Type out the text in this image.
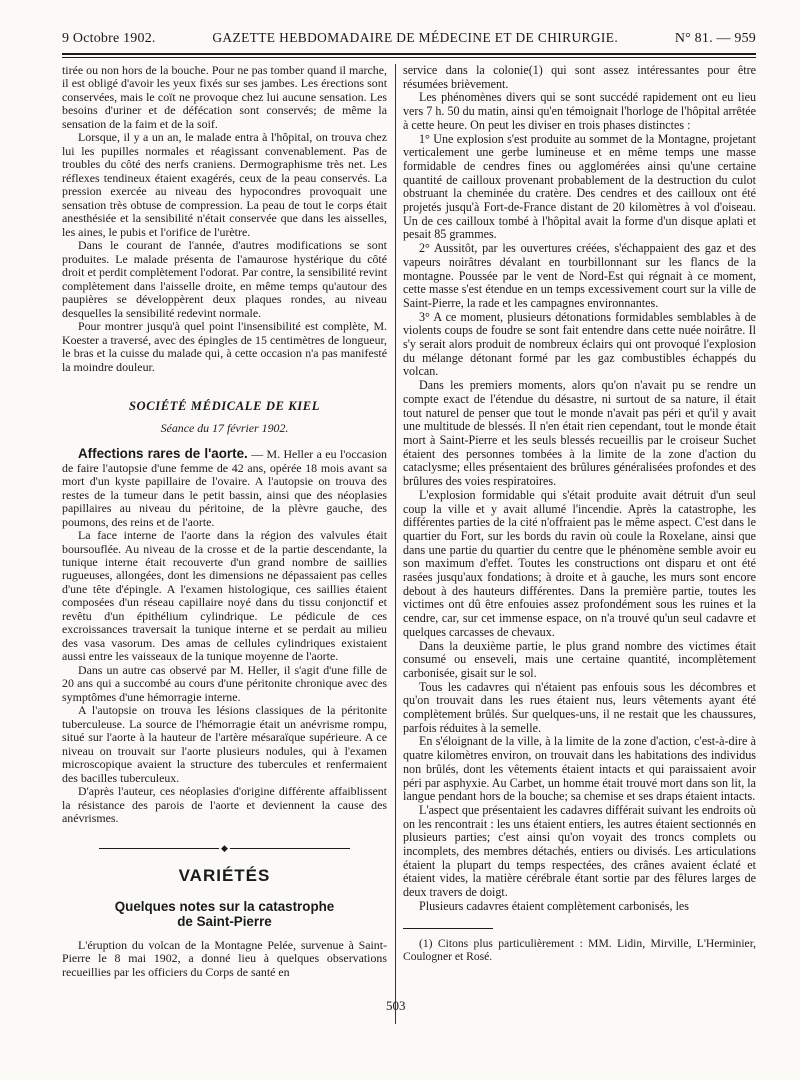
9 Octobre 1902.	GAZETTE HEBDOMADAIRE DE MÉDECINE ET DE CHIRURGIE.	N° 81. — 959

tirée ou non hors de la bouche. Pour ne pas tomber quand il marche, il est obligé d'avoir les yeux fixés sur ses jambes. Les érections sont conservées, mais le coït ne provoque chez lui aucune sensation. Les besoins d'uriner et de défécation sont conservés; de même la sensation de la faim et de la soif.

Lorsque, il y a un an, le malade entra à l'hôpital, on trouva chez lui les pupilles normales et réagissant convenablement. Pas de troubles du côté des nerfs craniens. Dermographisme très net. Les réflexes tendineux étaient exagérés, ceux de la peau conservés. La pression exercée au niveau des hypocondres provoquait une sensation très obtuse de compression. La peau de tout le corps était anesthésiée et la sensibilité n'était conservée que dans les aisselles, les aines, le pubis et l'orifice de l'urètre.

Dans le courant de l'année, d'autres modifications se sont produites. Le malade présenta de l'amaurose hystérique du côté droit et perdit complètement l'odorat. Par contre, la sensibilité revint complètement dans l'aisselle droite, en même temps qu'autour des paupières se développèrent deux plaques rondes, au niveau desquelles la sensibilité redevint normale.

Pour montrer jusqu'à quel point l'insensibilité est complète, M. Koester a traversé, avec des épingles de 15 centimètres de longueur, le bras et la cuisse du malade qui, à cette occasion n'a pas manifesté la moindre douleur.

SOCIÉTÉ MÉDICALE DE KIEL

Séance du 17 février 1902.

Affections rares de l'aorte. — M. Heller a eu l'occasion de faire l'autopsie d'une femme de 42 ans, opérée 18 mois avant sa mort d'un kyste papillaire de l'ovaire. A l'autopsie on trouva des restes de la tumeur dans le petit bassin, ainsi que des néoplasies papillaires au niveau du péritoine, de la plèvre gauche, des poumons, des reins et de l'aorte.

La face interne de l'aorte dans la région des valvules était boursouflée. Au niveau de la crosse et de la partie descendante, la tunique interne était recouverte d'un grand nombre de saillies rugueuses, allongées, dont les dimensions ne dépassaient pas celles d'une tête d'épingle. A l'examen histologique, ces saillies étaient composées d'un réseau capillaire noyé dans du tissu conjonctif et revêtu d'un épithélium cylindrique. Le pédicule de ces excroissances traversait la tunique interne et se perdait au milieu des vasa vasorum. Des amas de cellules cylindriques existaient aussi entre les vaisseaux de la tunique moyenne de l'aorte.

Dans un autre cas observé par M. Heller, il s'agit d'une fille de 20 ans qui a succombé au cours d'une péritonite chronique avec des symptômes d'une hémorragie interne.

A l'autopsie on trouva les lésions classiques de la péritonite tuberculeuse. La source de l'hémorragie était un anévrisme rompu, situé sur l'aorte à la hauteur de l'artère mésaraïque supérieure. A ce niveau on trouvait sur l'aorte plusieurs nodules, qui à l'examen microscopique avaient la structure des tubercules et renfermaient des bacilles tuberculeux.

D'après l'auteur, ces néoplasies d'origine différente affaiblissent la résistance des parois de l'aorte et deviennent la cause des anévrismes.

◆
VARIÉTÉS
Quelques notes sur la catastrophe
de Saint-Pierre

L'éruption du volcan de la Montagne Pelée, survenue à Saint-Pierre le 8 mai 1902, a donné lieu à quelques observations recueillies par les officiers du Corps de santé en

service dans la colonie(1) qui sont assez intéressantes pour être résumées brièvement.

Les phénomènes divers qui se sont succédé rapidement ont eu lieu vers 7 h. 50 du matin, ainsi qu'en témoignait l'horloge de l'hôpital arrêtée à cette heure. On peut les diviser en trois phases distinctes :

1° Une explosion s'est produite au sommet de la Montagne, projetant verticalement une gerbe lumineuse et en même temps une masse formidable de cendres fines ou agglomérées ainsi qu'une certaine quantité de cailloux provenant probablement de la destruction du culot obstruant la cheminée du cratère. Des cendres et des cailloux ont été projetés jusqu'à Fort-de-France distant de 20 kilomètres à vol d'oiseau. Un de ces cailloux tombé à l'hôpital avait la forme d'un disque aplati et pesait 85 grammes.

2° Aussitôt, par les ouvertures créées, s'échappaient des gaz et des vapeurs noirâtres dévalant en tourbillonnant sur les flancs de la montagne. Poussée par le vent de Nord-Est qui régnait à ce moment, cette masse s'est étendue en un temps excessivement court sur la ville de Saint-Pierre, la rade et les campagnes environnantes.

3° A ce moment, plusieurs détonations formidables semblables à de violents coups de foudre se sont fait entendre dans cette nuée noirâtre. Il s'y serait alors produit de nombreux éclairs qui ont provoqué l'explosion du mélange détonant formé par les gaz combustibles échappés du volcan.

Dans les premiers moments, alors qu'on n'avait pu se rendre un compte exact de l'étendue du désastre, ni surtout de sa nature, il était tout naturel de penser que tout le monde n'avait pas péri et qu'il y avait une multitude de blessés. Il n'en était rien cependant, tout le monde était mort à Saint-Pierre et les seuls blessés recueillis par le croiseur Suchet étaient des personnes tombées à la limite de la zone d'action du cataclysme; elles présentaient des brûlures généralisées profondes et des brûlures des voies respiratoires.

L'explosion formidable qui s'était produite avait détruit d'un seul coup la ville et y avait allumé l'incendie. Après la catastrophe, les différentes parties de la cité n'offraient pas le même aspect. C'est dans le quartier du Fort, sur les bords du ravin où coule la Roxelane, ainsi que dans une partie du quartier du centre que le phénomène semble avoir eu son maximum d'effet. Toutes les constructions ont disparu et ont été rasées jusqu'aux fondations; à droite et à gauche, les murs sont encore debout à des hauteurs différentes. Dans la première partie, toutes les victimes ont dû être enfouies assez profondément sous les ruines et la cendre, car, sur cet immense espace, on n'a trouvé qu'un seul cadavre et quelques carcasses de chevaux.

Dans la deuxième partie, le plus grand nombre des victimes était consumé ou enseveli, mais une certaine quantité, incomplètement carbonisée, gisait sur le sol.

Tous les cadavres qui n'étaient pas enfouis sous les décombres et qu'on trouvait dans les rues étaient nus, leurs vêtements ayant été complètement brûlés. Sur quelques-uns, il ne restait que les chaussures, parfois réduites à la semelle.

En s'éloignant de la ville, à la limite de la zone d'action, c'est-à-dire à quatre kilomètres environ, on trouvait dans les habitations des individus non brûlés, dont les vêtements étaient intacts et qui paraissaient avoir péri par asphyxie. Au Carbet, un homme était trouvé mort dans son lit, la langue pendant hors de la bouche; sa chemise et ses draps étaient intacts.

L'aspect que présentaient les cadavres différait suivant les endroits où on les rencontrait : les uns étaient entiers, les autres étaient sectionnés en plusieurs parties; c'est ainsi qu'on voyait des troncs complets ou incomplets, des membres détachés, entiers ou divisés. Les articulations étaient la plupart du temps respectées, des crânes avaient éclaté et étaient vides, la matière cérébrale étant sortie par des fêlures larges de deux travers de doigt.

Plusieurs cadavres étaient complètement carbonisés, les

(1) Citons plus particulièrement : MM. Lidin, Mirville, L'Herminier, Coulogner et Rosé.

503
